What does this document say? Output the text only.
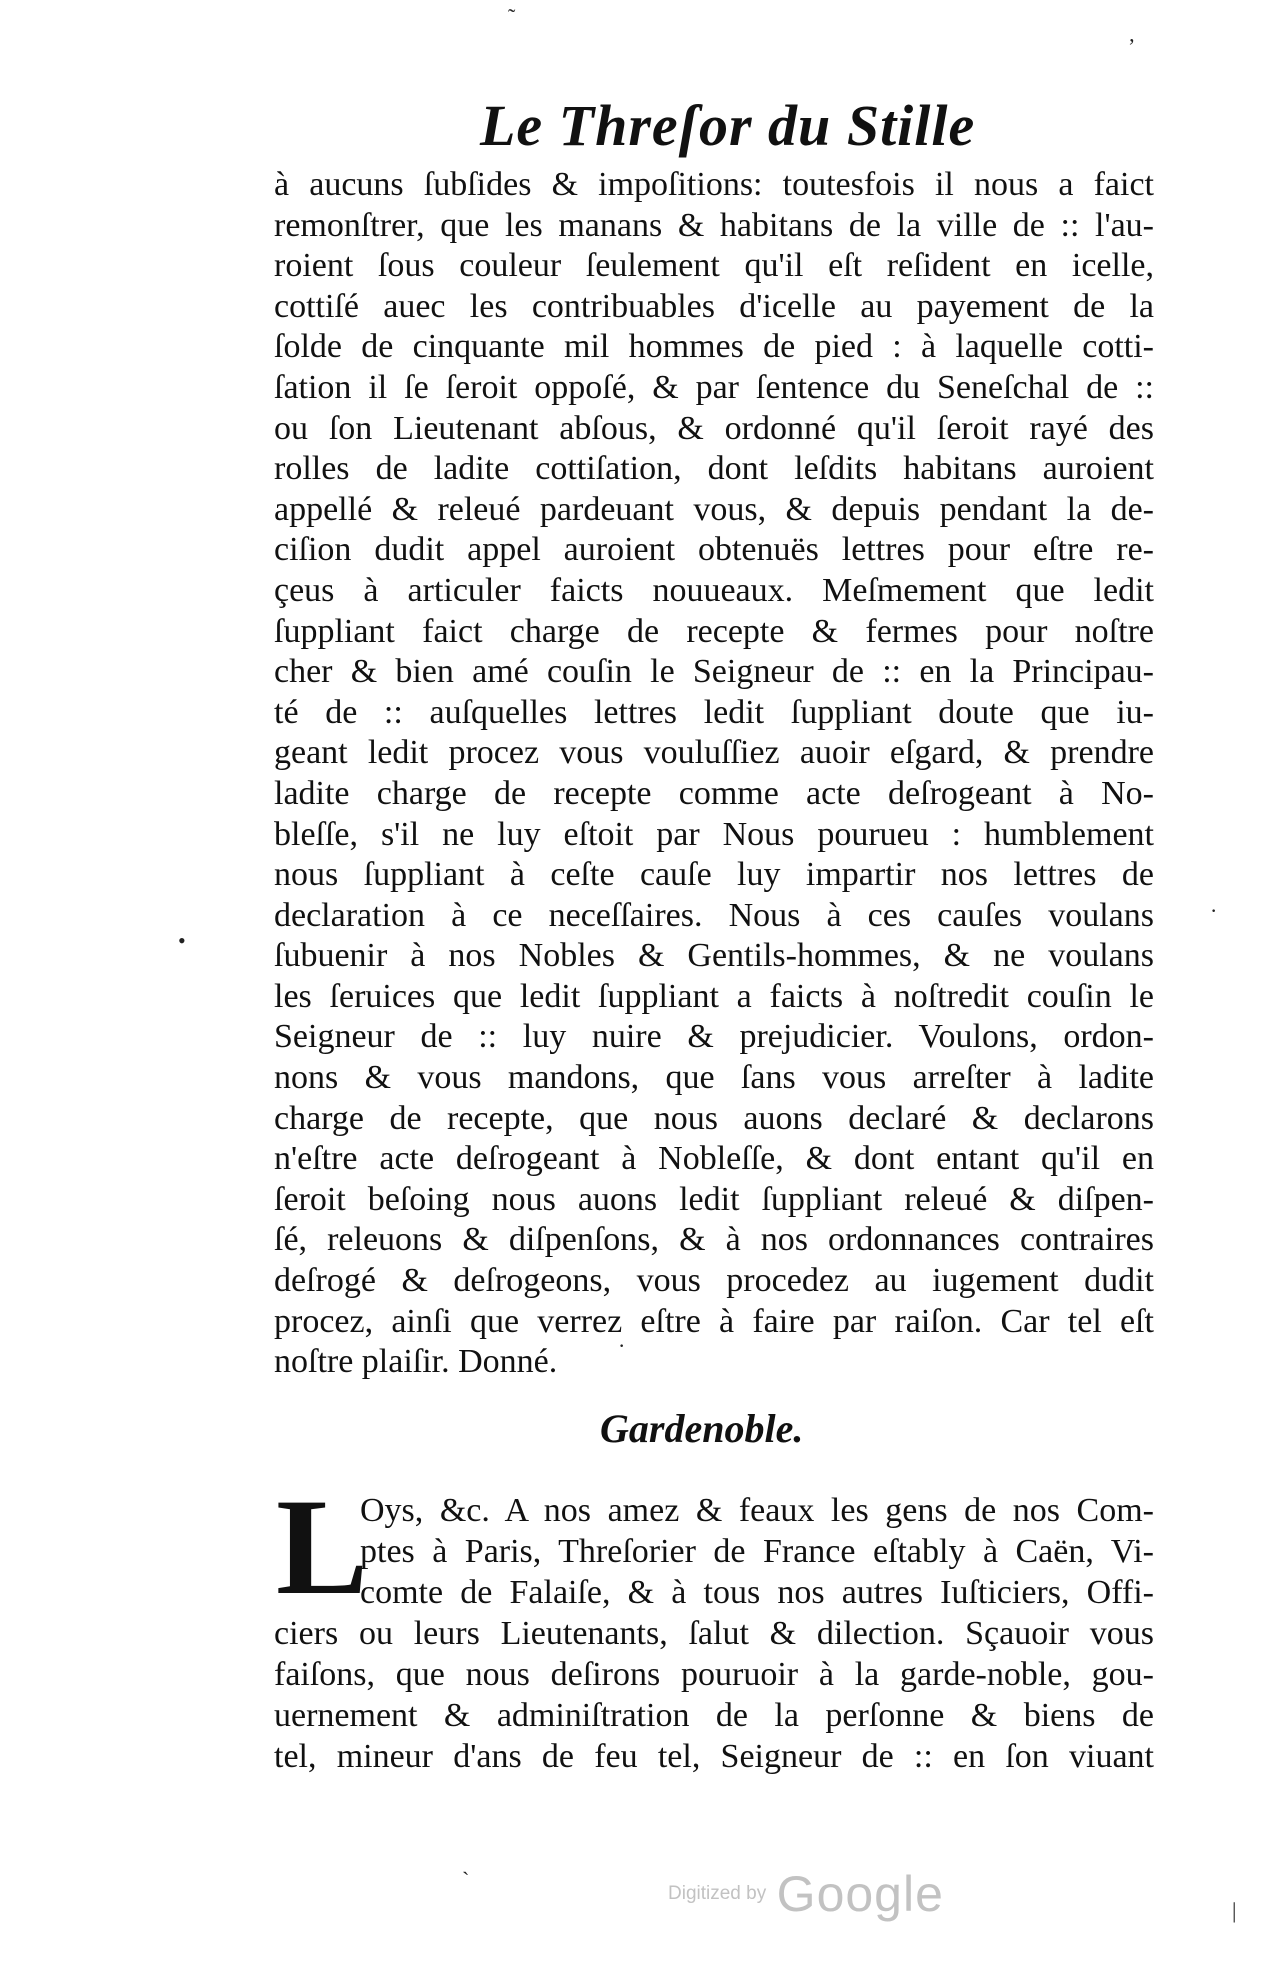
˜
ʼ
Le Threſor du Stille
à aucuns ſubſides & impoſitions: toutesfois il nous a faict
remonſtrer, que les manans & habitans de la ville de :: l'au-
roient ſous couleur ſeulement qu'il eſt reſident en icelle,
cottiſé auec les contribuables d'icelle au payement de la
ſolde de cinquante mil hommes de pied : à laquelle cotti-
ſation il ſe ſeroit oppoſé, & par ſentence du Seneſchal de ::
ou ſon Lieutenant abſous, & ordonné qu'il ſeroit rayé des
rolles de ladite cottiſation, dont leſdits habitans auroient
appellé & releué pardeuant vous, & depuis pendant la de-
ciſion dudit appel auroient obtenuës lettres pour eſtre re-
çeus à articuler faicts nouueaux. Meſmement que ledit
ſuppliant faict charge de recepte & fermes pour noſtre
cher & bien amé couſin le Seigneur de :: en la Principau-
té de :: auſquelles lettres ledit ſuppliant doute que iu-
geant ledit procez vous vouluſſiez auoir eſgard, & prendre
ladite charge de recepte comme acte deſrogeant à No-
bleſſe, s'il ne luy eſtoit par Nous pourueu : humblement
nous ſuppliant à ceſte cauſe luy impartir nos lettres de
declaration à ce neceſſaires. Nous à ces cauſes voulans
ſubuenir à nos Nobles & Gentils-hommes, & ne voulans
les ſeruices que ledit ſuppliant a faicts à noſtredit couſin le
Seigneur de :: luy nuire & prejudicier. Voulons, ordon-
nons & vous mandons, que ſans vous arreſter à ladite
charge de recepte, que nous auons declaré & declarons
n'eſtre acte deſrogeant à Nobleſſe, & dont entant qu'il en
ſeroit beſoing nous auons ledit ſuppliant releué & diſpen-
ſé, releuons & diſpenſons, & à nos ordonnances contraires
deſrogé & deſrogeons, vous procedez au iugement dudit
procez, ainſi que verrez eſtre à faire par raiſon. Car tel eſt
noſtre plaiſir. Donné.
•
·
·
Gardenoble.
L
Oys, &c. A nos amez & feaux les gens de nos Com-
ptes à Paris, Threſorier de France eſtably à Caën, Vi-
comte de Falaiſe, & à tous nos autres Iuſticiers, Offi-
ciers ou leurs Lieutenants, ſalut & dilection. Sçauoir vous
faiſons, que nous deſirons pouruoir à la garde-noble, gou-
uernement & adminiſtration de la perſonne & biens de
tel, mineur d'ans de feu tel, Seigneur de :: en ſon viuant
ˏ
|
Digitized by Google
